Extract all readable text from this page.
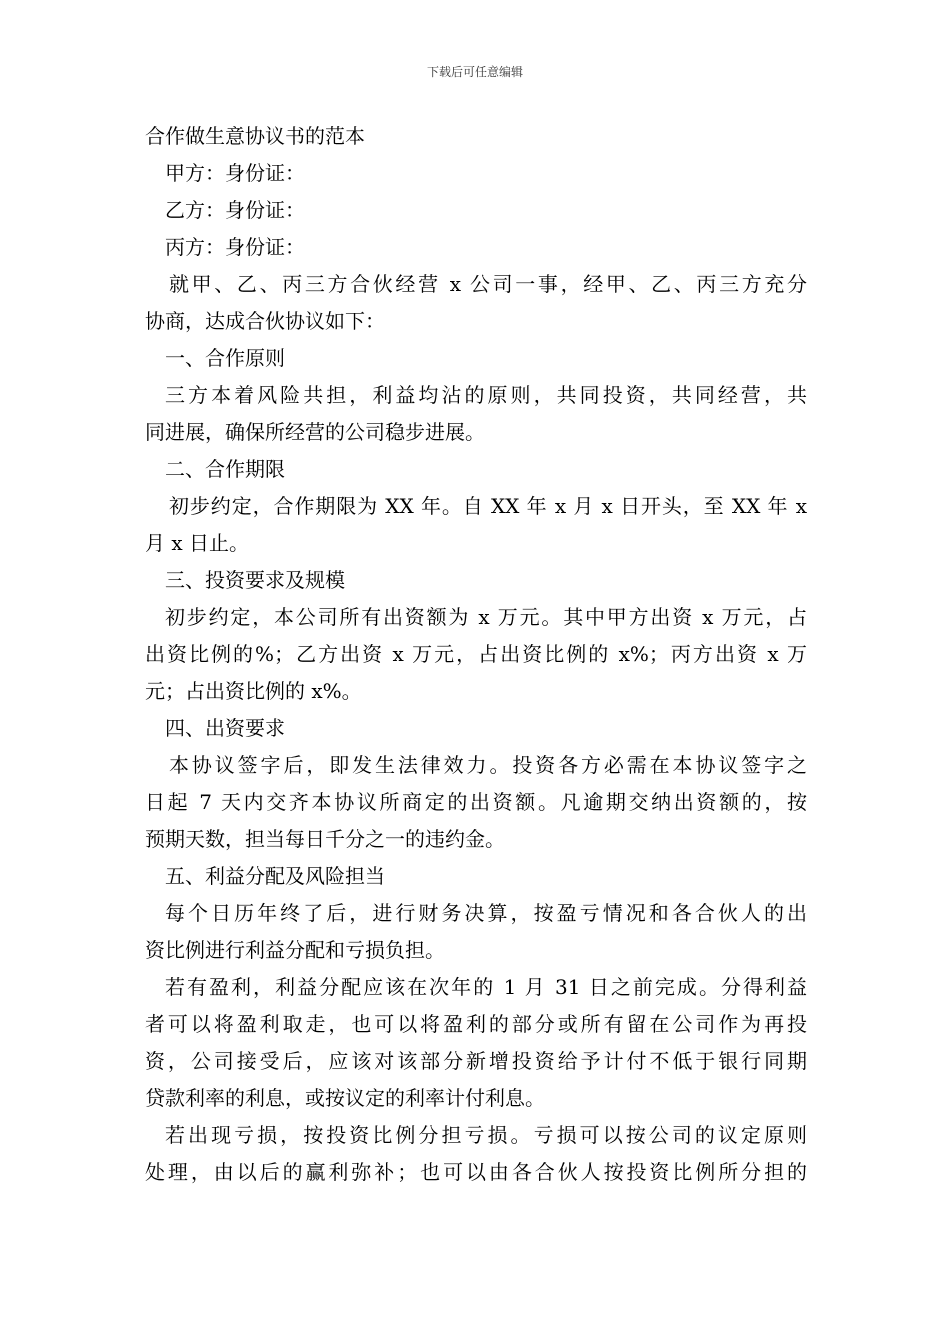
下载后可任意编辑
合作做生意协议书的范本
甲方：身份证：
乙方：身份证：
丙方：身份证：
就甲、乙、丙三方合伙经营 x 公司一事，经甲、乙、丙三方充分
协商，达成合伙协议如下：
一、合作原则
三方本着风险共担，利益均沾的原则，共同投资，共同经营，共
同进展，确保所经营的公司稳步进展。
二、合作期限
初步约定，合作期限为 XX 年。自 XX 年 x 月 x 日开头，至 XX 年 x
月 x 日止。
三、投资要求及规模
初步约定，本公司所有出资额为 x 万元。其中甲方出资 x 万元，占
出资比例的%；乙方出资 x 万元，占出资比例的 x%；丙方出资 x 万
元；占出资比例的 x%。
四、出资要求
本协议签字后，即发生法律效力。投资各方必需在本协议签字之
日起 7 天内交齐本协议所商定的出资额。凡逾期交纳出资额的，按
预期天数，担当每日千分之一的违约金。
五、利益分配及风险担当
每个日历年终了后，进行财务决算，按盈亏情况和各合伙人的出
资比例进行利益分配和亏损负担。
若有盈利，利益分配应该在次年的 1 月 31 日之前完成。分得利益
者可以将盈利取走，也可以将盈利的部分或所有留在公司作为再投
资，公司接受后，应该对该部分新增投资给予计付不低于银行同期
贷款利率的利息，或按议定的利率计付利息。
若出现亏损，按投资比例分担亏损。亏损可以按公司的议定原则
处理，由以后的赢利弥补；也可以由各合伙人按投资比例所分担的
